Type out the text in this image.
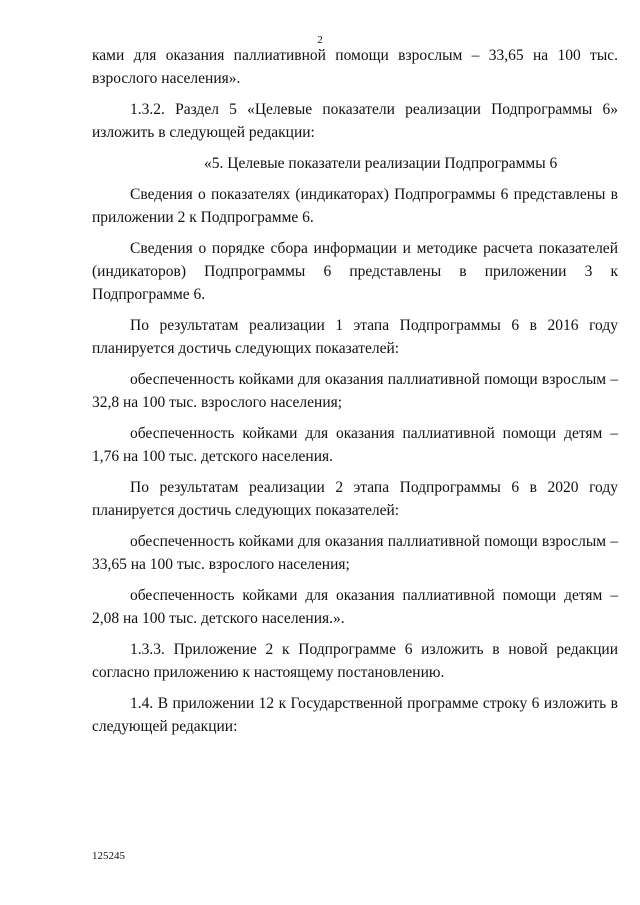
2

ками для оказания паллиативной помощи взрослым – 33,65 на 100 тыс. взрослого населения».

1.3.2. Раздел 5 «Целевые показатели реализации Подпрограммы 6» изложить в следующей редакции:

«5. Целевые показатели реализации Подпрограммы 6

Сведения о показателях (индикаторах) Подпрограммы 6 представлены в приложении 2 к Подпрограмме 6.

Сведения о порядке сбора информации и методике расчета показателей (индикаторов) Подпрограммы 6 представлены в приложении 3 к Подпрограмме 6.

По результатам реализации 1 этапа Подпрограммы 6 в 2016 году планируется достичь следующих показателей:

обеспеченность койками для оказания паллиативной помощи взрослым – 32,8 на 100 тыс. взрослого населения;

обеспеченность койками для оказания паллиативной помощи детям – 1,76 на 100 тыс. детского населения.

По результатам реализации 2 этапа Подпрограммы 6 в 2020 году планируется достичь следующих показателей:

обеспеченность койками для оказания паллиативной помощи взрослым – 33,65 на 100 тыс. взрослого населения;

обеспеченность койками для оказания паллиативной помощи детям – 2,08 на 100 тыс. детского населения.».

1.3.3. Приложение 2 к Подпрограмме 6 изложить в новой редакции согласно приложению к настоящему постановлению.

1.4. В приложении 12 к Государственной программе строку 6 изложить в следующей редакции:

125245
